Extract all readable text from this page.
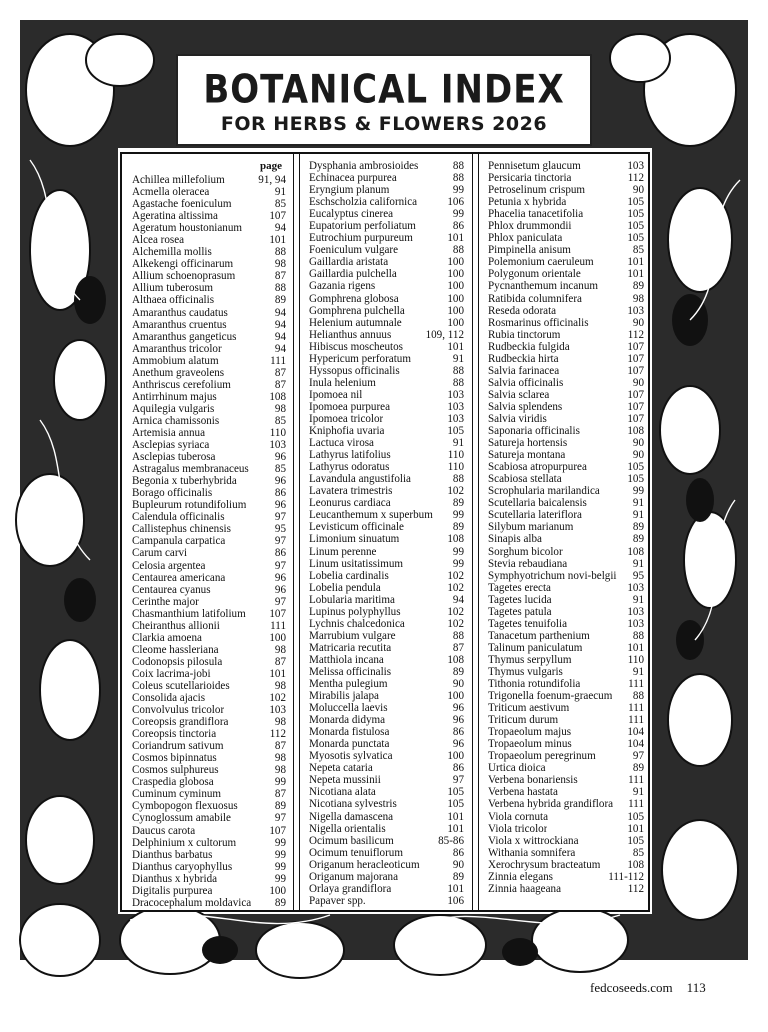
BOTANICAL INDEX
FOR HERBS & FLOWERS 2026
page
Achillea millefolium	91, 94
Acmella oleracea	91
Agastache foeniculum	85
Ageratina altissima	107
Ageratum houstonianum	94
Alcea rosea	101
Alchemilla mollis	88
Alkekengi officinarum	98
Allium schoenoprasum	87
Allium tuberosum	88
Althaea officinalis	89
Amaranthus caudatus	94
Amaranthus cruentus	94
Amaranthus gangeticus	94
Amaranthus tricolor	94
Ammobium alatum	111
Anethum graveolens	87
Anthriscus cerefolium	87
Antirrhinum majus	108
Aquilegia vulgaris	98
Arnica chamissonis	85
Artemisia annua	110
Asclepias syriaca	103
Asclepias tuberosa	96
Astragalus membranaceus 85
Begonia x tuberhybrida	96
Borago officinalis	86
Bupleurum rotundifolium	96
Calendula officinalis	97
Callistephus chinensis	95
Campanula carpatica	97
Carum carvi	86
Celosia argentea	97
Centaurea americana	96
Centaurea cyanus	96
Cerinthe major	97
Chasmanthium latifolium 107
Cheiranthus allionii	111
Clarkia amoena	100
Cleome hassleriana	98
Codonopsis pilosula	87
Coix lacrima-jobi	101
Coleus scutellarioides	98
Consolida ajacis	102
Convolvulus tricolor	103
Coreopsis grandiflora	98
Coreopsis tinctoria	112
Coriandrum sativum	87
Cosmos bipinnatus	98
Cosmos sulphureus	98
Craspedia globosa	99
Cuminum cyminum	87
Cymbopogon flexuosus	89
Cynoglossum amabile	97
Daucus carota	107
Delphinium x cultorum	99
Dianthus barbatus	99
Dianthus caryophyllus	99
Dianthus x hybrida	99
Digitalis purpurea	100
Dracocephalum moldavica 89
Dysphania ambrosioides	88
Echinacea purpurea	88
Eryngium planum	99
Eschscholzia californica	106
Eucalyptus cinerea	99
Eupatorium perfoliatum	86
Eutrochium purpureum	101
Foeniculum vulgare	88
Gaillardia aristata	100
Gaillardia pulchella	100
Gazania rigens	100
Gomphrena globosa	100
Gomphrena pulchella	100
Helenium autumnale	100
Helianthus annuus	109, 112
Hibiscus moscheutos	101
Hypericum perforatum	91
Hyssopus officinalis	88
Inula helenium	88
Ipomoea nil	103
Ipomoea purpurea	103
Ipomoea tricolor	103
Kniphofia uvaria	105
Lactuca virosa	91
Lathyrus latifolius	110
Lathyrus odoratus	110
Lavandula angustifolia	88
Lavatera trimestris	102
Leonurus cardiaca	89
Leucanthemum x superbum 99
Levisticum officinale	89
Limonium sinuatum	108
Linum perenne	99
Linum usitatissimum	99
Lobelia cardinalis	102
Lobelia pendula	102
Lobularia maritima	94
Lupinus polyphyllus	102
Lychnis chalcedonica	102
Marrubium vulgare	88
Matricaria recutita	87
Matthiola incana	108
Melissa officinalis	89
Mentha pulegium	90
Mirabilis jalapa	100
Moluccella laevis	96
Monarda didyma	96
Monarda fistulosa	86
Monarda punctata	96
Myosotis sylvatica	100
Nepeta cataria	86
Nepeta mussinii	97
Nicotiana alata	105
Nicotiana sylvestris	105
Nigella damascena	101
Nigella orientalis	101
Ocimum basilicum	85-86
Ocimum tenuiflorum	86
Origanum heracleoticum	90
Origanum majorana	89
Orlaya grandiflora	101
Papaver spp.	106
Pennisetum glaucum	103
Persicaria tinctoria	112
Petroselinum crispum	90
Petunia x hybrida	105
Phacelia tanacetifolia	105
Phlox drummondii	105
Phlox paniculata	105
Pimpinella anisum	85
Polemonium caeruleum	101
Polygonum orientale	101
Pycnanthemum incanum	89
Ratibida columnifera	98
Reseda odorata	103
Rosmarinus officinalis	90
Rubia tinctorum	112
Rudbeckia fulgida	107
Rudbeckia hirta	107
Salvia farinacea	107
Salvia officinalis	90
Salvia sclarea	107
Salvia splendens	107
Salvia viridis	107
Saponaria officinalis	108
Satureja hortensis	90
Satureja montana	90
Scabiosa atropurpurea	105
Scabiosa stellata	105
Scrophularia marilandica	99
Scutellaria baicalensis	91
Scutellaria lateriflora	91
Silybum marianum	89
Sinapis alba	89
Sorghum bicolor	108
Stevia rebaudiana	91
Symphyotrichum novi-belgii 95
Tagetes erecta	103
Tagetes lucida	91
Tagetes patula	103
Tagetes tenuifolia	103
Tanacetum parthenium	88
Talinum paniculatum	101
Thymus serpyllum	110
Thymus vulgaris	91
Tithonia rotundifolia	111
Trigonella foenum-graecum 88
Triticum aestivum	111
Triticum durum	111
Tropaeolum majus	104
Tropaeolum minus	104
Tropaeolum peregrinum	97
Urtica dioica	89
Verbena bonariensis	111
Verbena hastata	91
Verbena hybrida grandiflora 111
Viola cornuta	105
Viola tricolor	101
Viola x wittrockiana	105
Withania somnifera	85
Xerochrysum bracteatum 108
Zinnia elegans	111-112
Zinnia haageana	112
fedcoseeds.com 113
